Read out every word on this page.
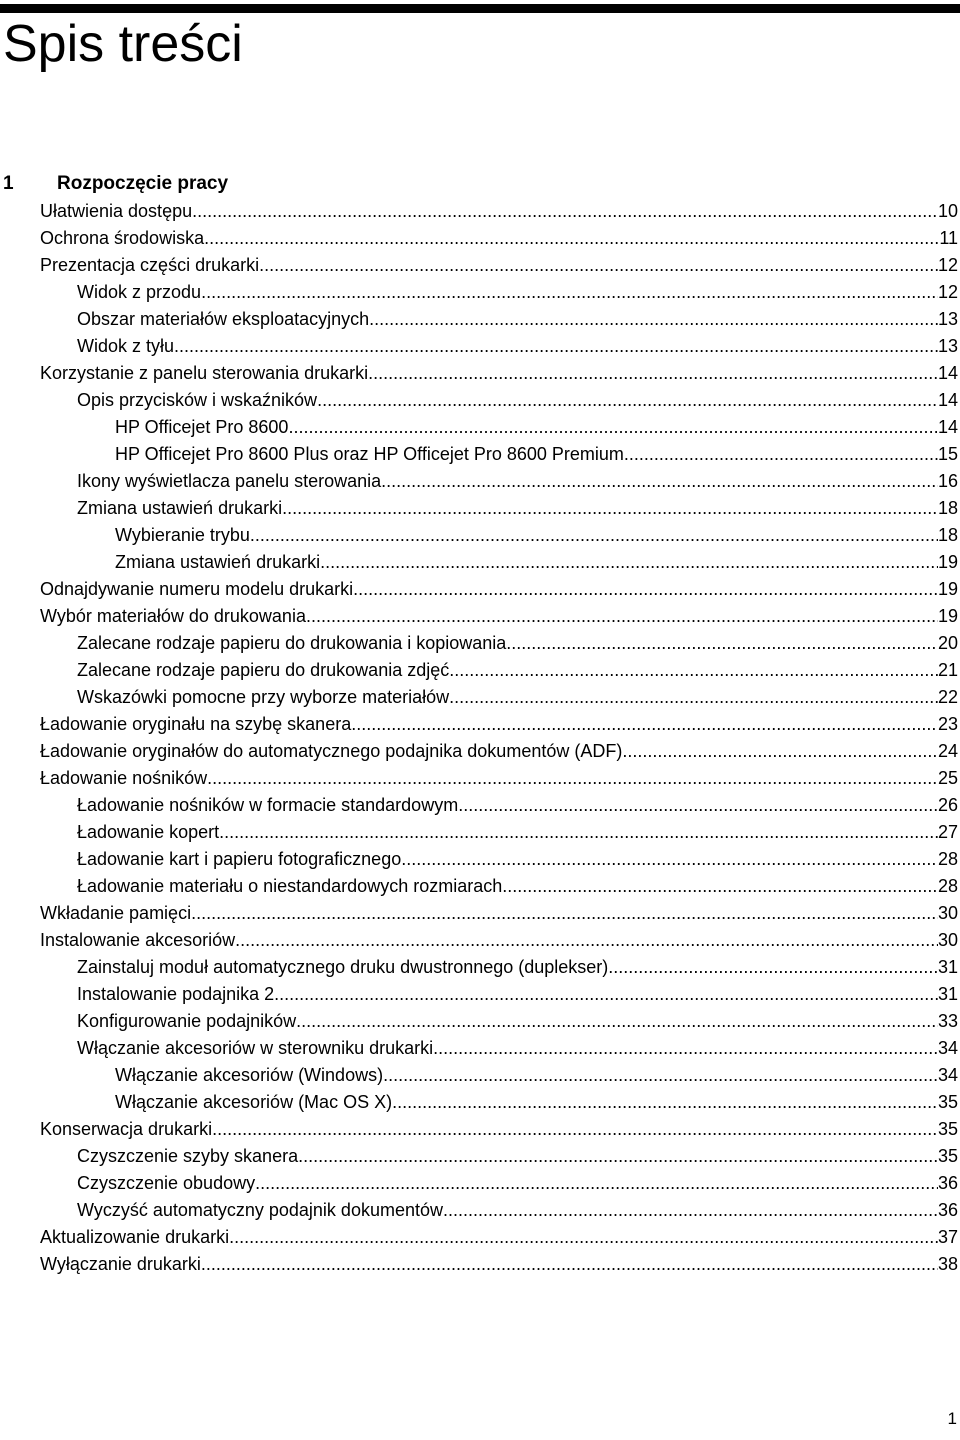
Spis treści
1 Rozpoczęcie pracy
Ułatwienia dostępu .....	10
Ochrona środowiska .....	11
Prezentacja części drukarki .....	12
Widok z przodu .....	12
Obszar materiałów eksploatacyjnych .....	13
Widok z tyłu .....	13
Korzystanie z panelu sterowania drukarki .....	14
Opis przycisków i wskaźników .....	14
HP Officejet Pro 8600 .....	14
HP Officejet Pro 8600 Plus oraz HP Officejet Pro 8600 Premium .....	15
Ikony wyświetlacza panelu sterowania .....	16
Zmiana ustawień drukarki .....	18
Wybieranie trybu .....	18
Zmiana ustawień drukarki .....	19
Odnajdywanie numeru modelu drukarki .....	19
Wybór materiałów do drukowania .....	19
Zalecane rodzaje papieru do drukowania i kopiowania .....	20
Zalecane rodzaje papieru do drukowania zdjęć .....	21
Wskazówki pomocne przy wyborze materiałów .....	22
Ładowanie oryginału na szybę skanera .....	23
Ładowanie oryginałów do automatycznego podajnika dokumentów (ADF) .....	24
Ładowanie nośników .....	25
Ładowanie nośników w formacie standardowym .....	26
Ładowanie kopert .....	27
Ładowanie kart i papieru fotograficznego .....	28
Ładowanie materiału o niestandardowych rozmiarach .....	28
Wkładanie pamięci .....	30
Instalowanie akcesoriów .....	30
Zainstaluj moduł automatycznego druku dwustronnego (duplekser) .....	31
Instalowanie podajnika 2 .....	31
Konfigurowanie podajników .....	33
Włączanie akcesoriów w sterowniku drukarki .....	34
Włączanie akcesoriów (Windows) .....	34
Włączanie akcesoriów (Mac OS X) .....	35
Konserwacja drukarki .....	35
Czyszczenie szyby skanera .....	35
Czyszczenie obudowy .....	36
Wyczyść automatyczny podajnik dokumentów .....	36
Aktualizowanie drukarki .....	37
Wyłączanie drukarki .....	38
1
